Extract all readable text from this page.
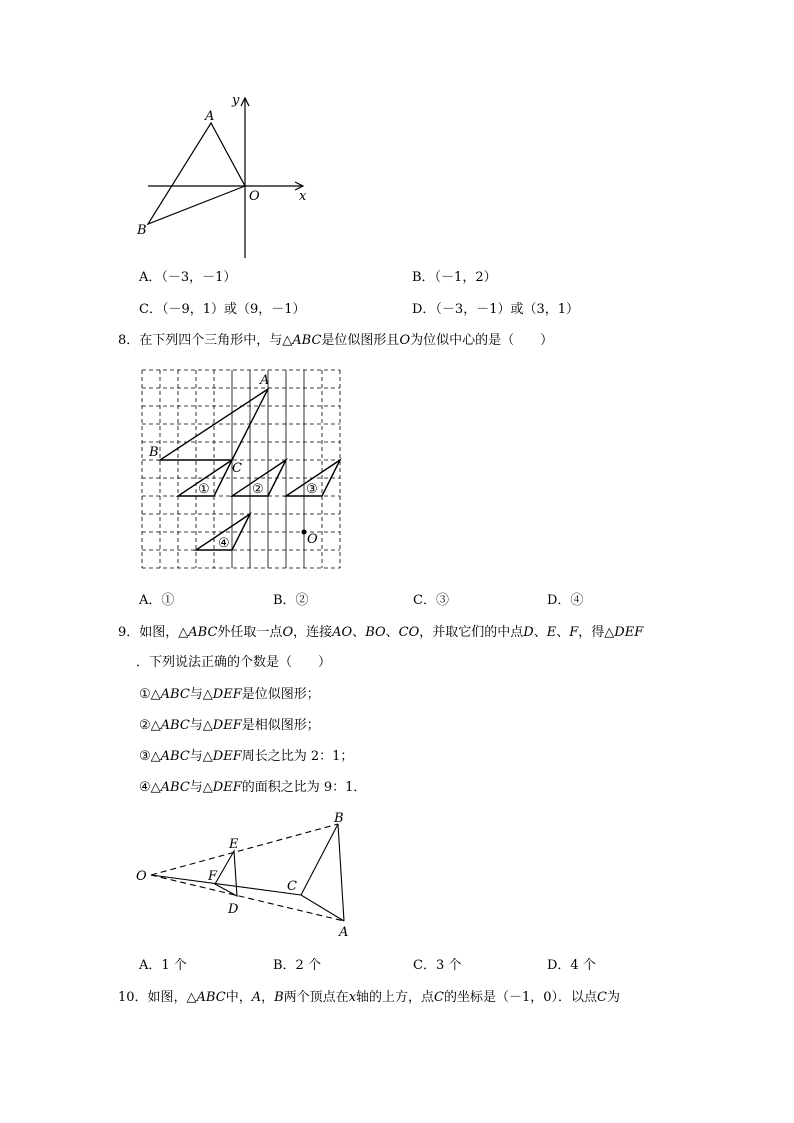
y
x
O
A
B
A．（－3，－1）	B．（－1，2）
C．（－9，1）或（9，－1）	D．（－3，－1）或（3，1）
8．在下列四个三角形中，与△ABC是位似图形且O为位似中心的是（　　）
A
B
C
O
①	②	③
④
A．①	B．②	C．③	D．④
9．如图，△ABC外任取一点O，连接AO、BO、CO，并取它们的中点D、E、F，得△DEF
．下列说法正确的个数是（　　）
①△ABC与△DEF是位似图形；
②△ABC与△DEF是相似图形；
③△ABC与△DEF周长之比为 2：1；
④△ABC与△DEF的面积之比为 9：1．
O
B
A
C
E
F
D
A．1 个	B．2 个	C．3 个	D．4 个
10．如图，△ABC中，A，B两个顶点在x轴的上方，点C的坐标是（－1，0）．以点C为
